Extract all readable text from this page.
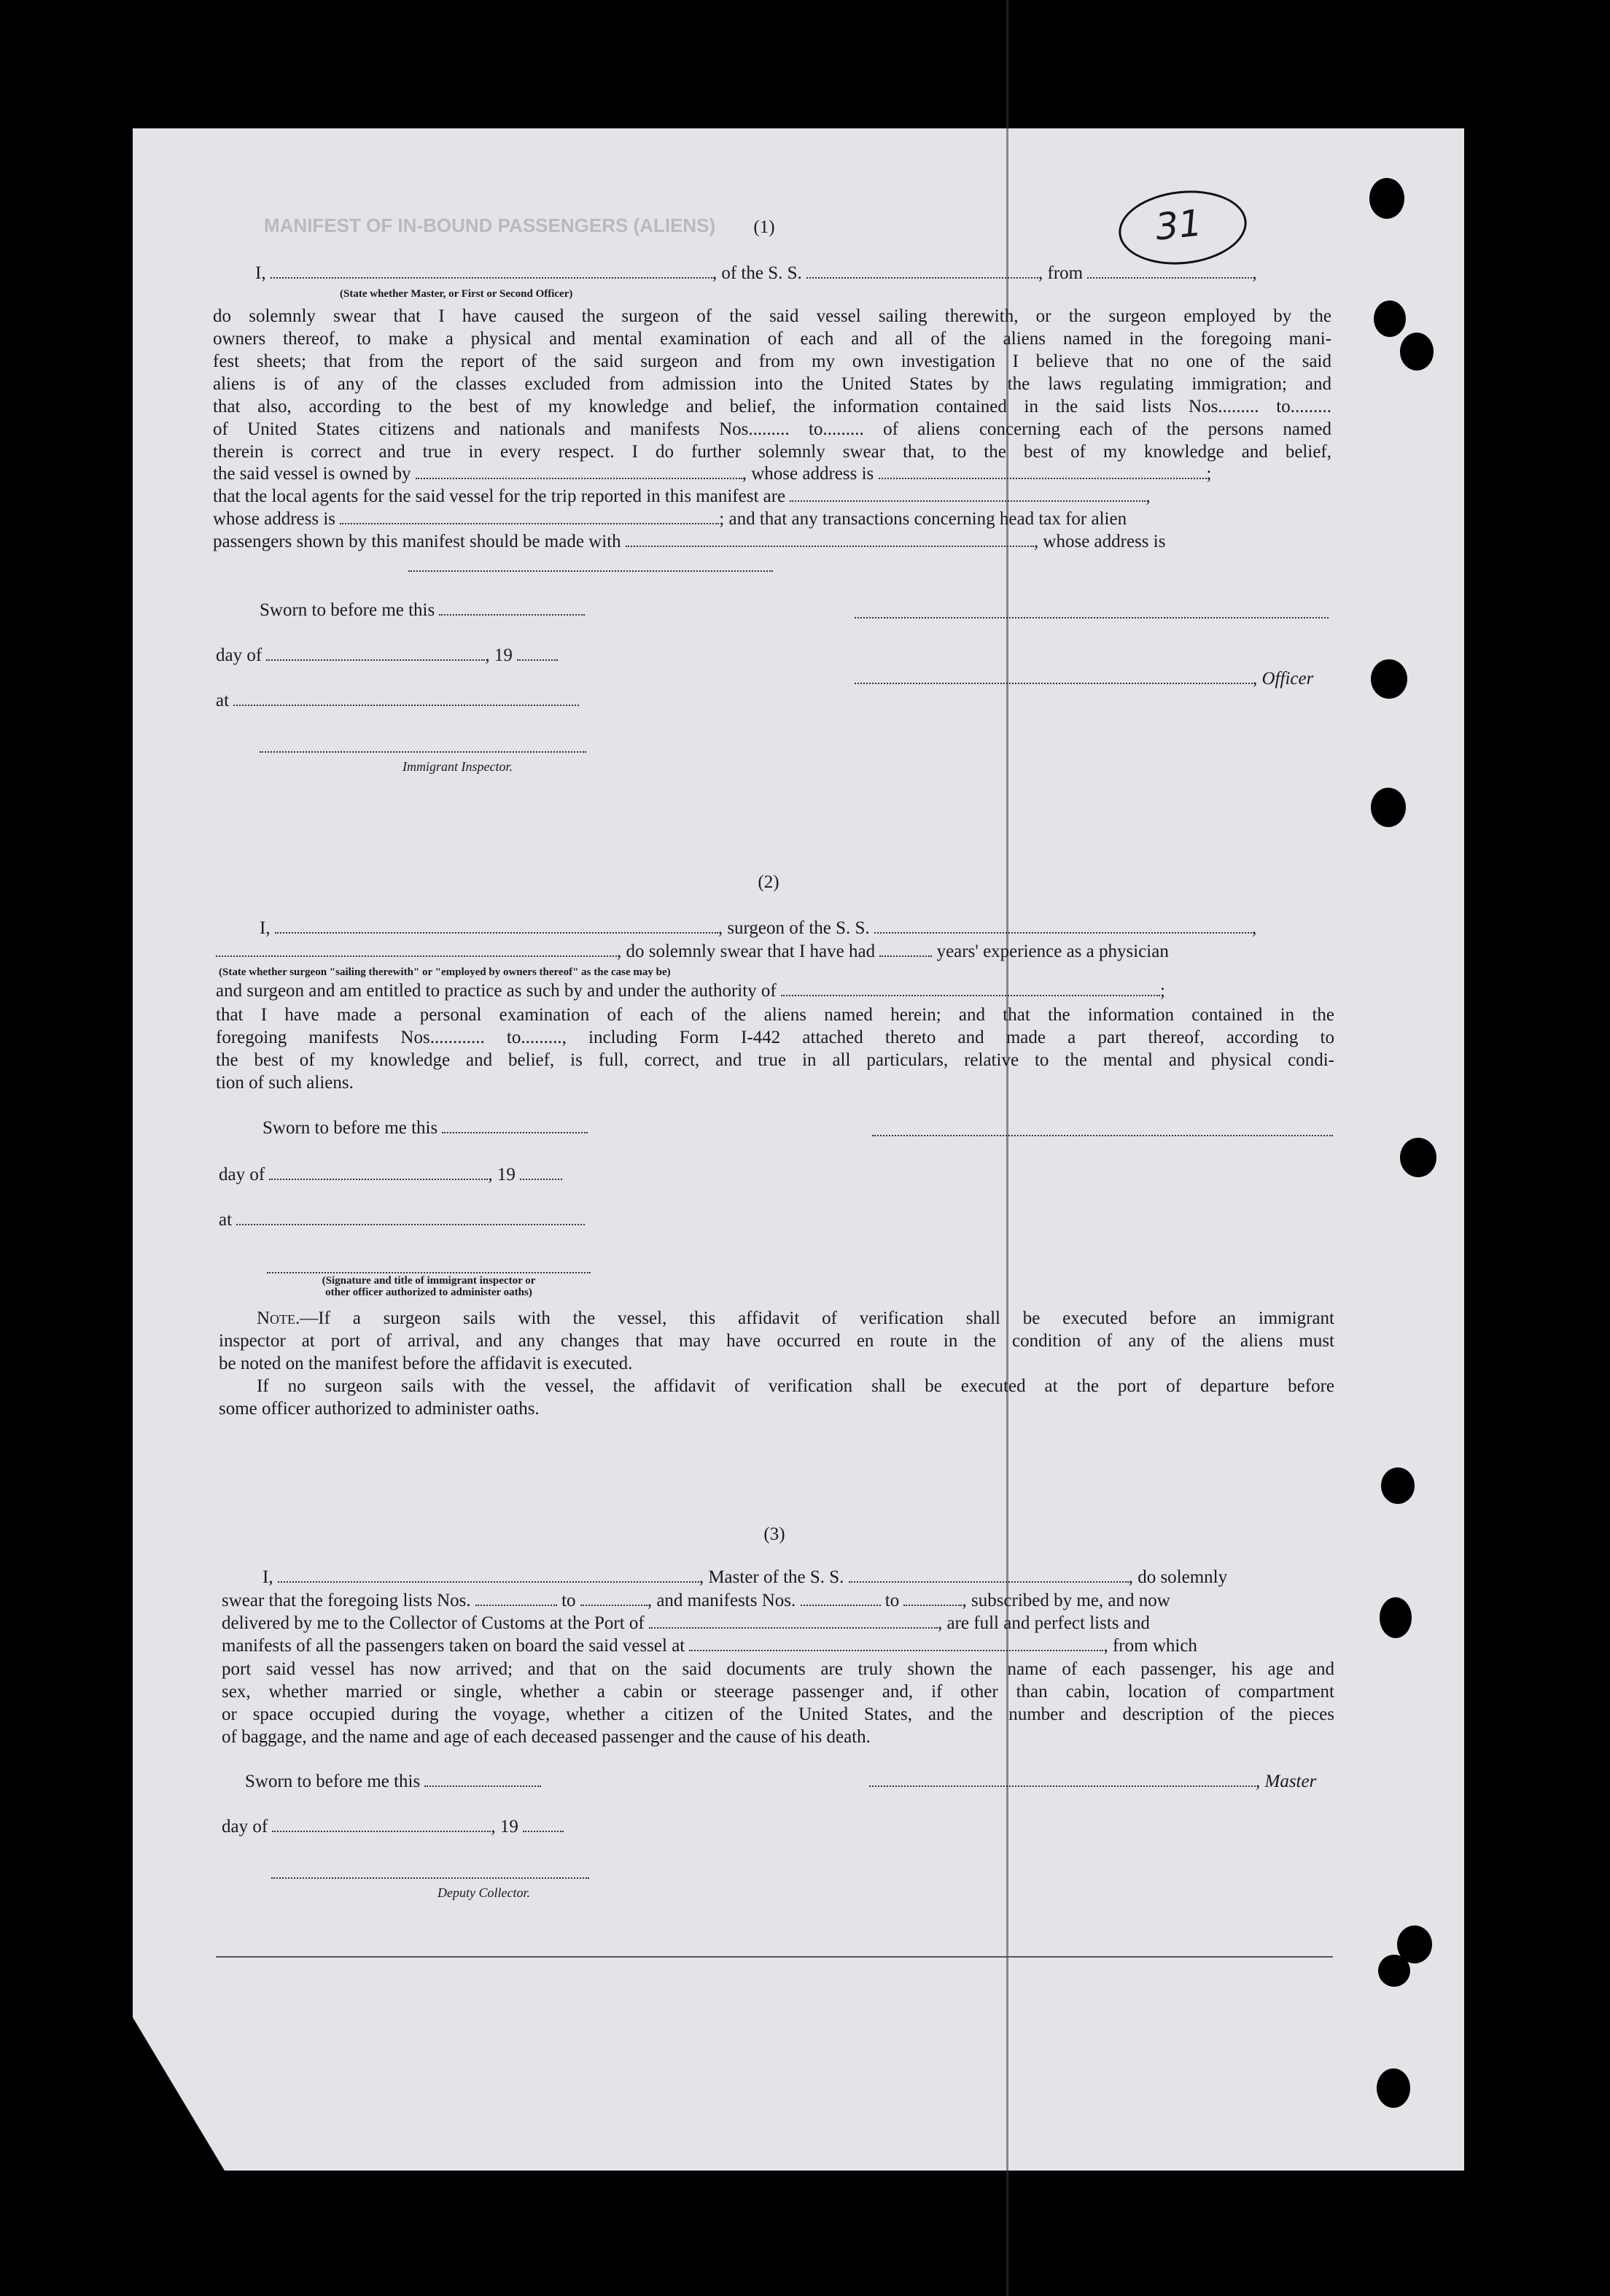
MANIFEST OF IN-BOUND PASSENGERS (ALIENS)	31
(1)
I,	, of the S. S.	, from	,
(State whether Master, or First or Second Officer)
do solemnly swear that I have caused the surgeon of the said vessel sailing therewith, or the surgeon employed by the
owners thereof, to make a physical and mental examination of each and all of the aliens named in the foregoing mani-
fest sheets; that from the report of the said surgeon and from my own investigation I believe that no one of the said
aliens is of any of the classes excluded from admission into the United States by the laws regulating immigration; and
that also, according to the best of my knowledge and belief, the information contained in the said lists Nos......... to.........
of United States citizens and nationals and manifests Nos......... to......... of aliens concerning each of the persons named
therein is correct and true in every respect. I do further solemnly swear that, to the best of my knowledge and belief,
the said vessel is owned by	, whose address is	;
that the local agents for the said vessel for the trip reported in this manifest are	,
whose address is	; and that any transactions concerning head tax for alien
passengers shown by this manifest should be made with	, whose address is
Sworn to before me this
day of	, 19
, Officer
at
Immigrant Inspector.
(2)
I,	, surgeon of the S. S.	,
, do solemnly swear that I have had	years' experience as a physician
(State whether surgeon "sailing therewith" or "employed by owners thereof" as the case may be)
and surgeon and am entitled to practice as such by and under the authority of	;
that I have made a personal examination of each of the aliens named herein; and that the information contained in the
foregoing manifests Nos............ to........., including Form I-442 attached thereto and made a part thereof, according to
the best of my knowledge and belief, is full, correct, and true in all particulars, relative to the mental and physical condi-
tion of such aliens.
Sworn to before me this
day of	, 19
at
(Signature and title of immigrant inspector or
other officer authorized to administer oaths)
Note.—If a surgeon sails with the vessel, this affidavit of verification shall be executed before an immigrant
inspector at port of arrival, and any changes that may have occurred en route in the condition of any of the aliens must
be noted on the manifest before the affidavit is executed.
If no surgeon sails with the vessel, the affidavit of verification shall be executed at the port of departure before
some officer authorized to administer oaths.
(3)
I,	, Master of the S. S.	, do solemnly
swear that the foregoing lists Nos.	to	, and manifests Nos.	to	, subscribed by me, and now
delivered by me to the Collector of Customs at the Port of	, are full and perfect lists and
manifests of all the passengers taken on board the said vessel at	, from which
port said vessel has now arrived; and that on the said documents are truly shown the name of each passenger, his age and
sex, whether married or single, whether a cabin or steerage passenger and, if other than cabin, location of compartment
or space occupied during the voyage, whether a citizen of the United States, and the number and description of the pieces
of baggage, and the name and age of each deceased passenger and the cause of his death.
Sworn to before me this	, Master
day of	, 19
Deputy Collector.
